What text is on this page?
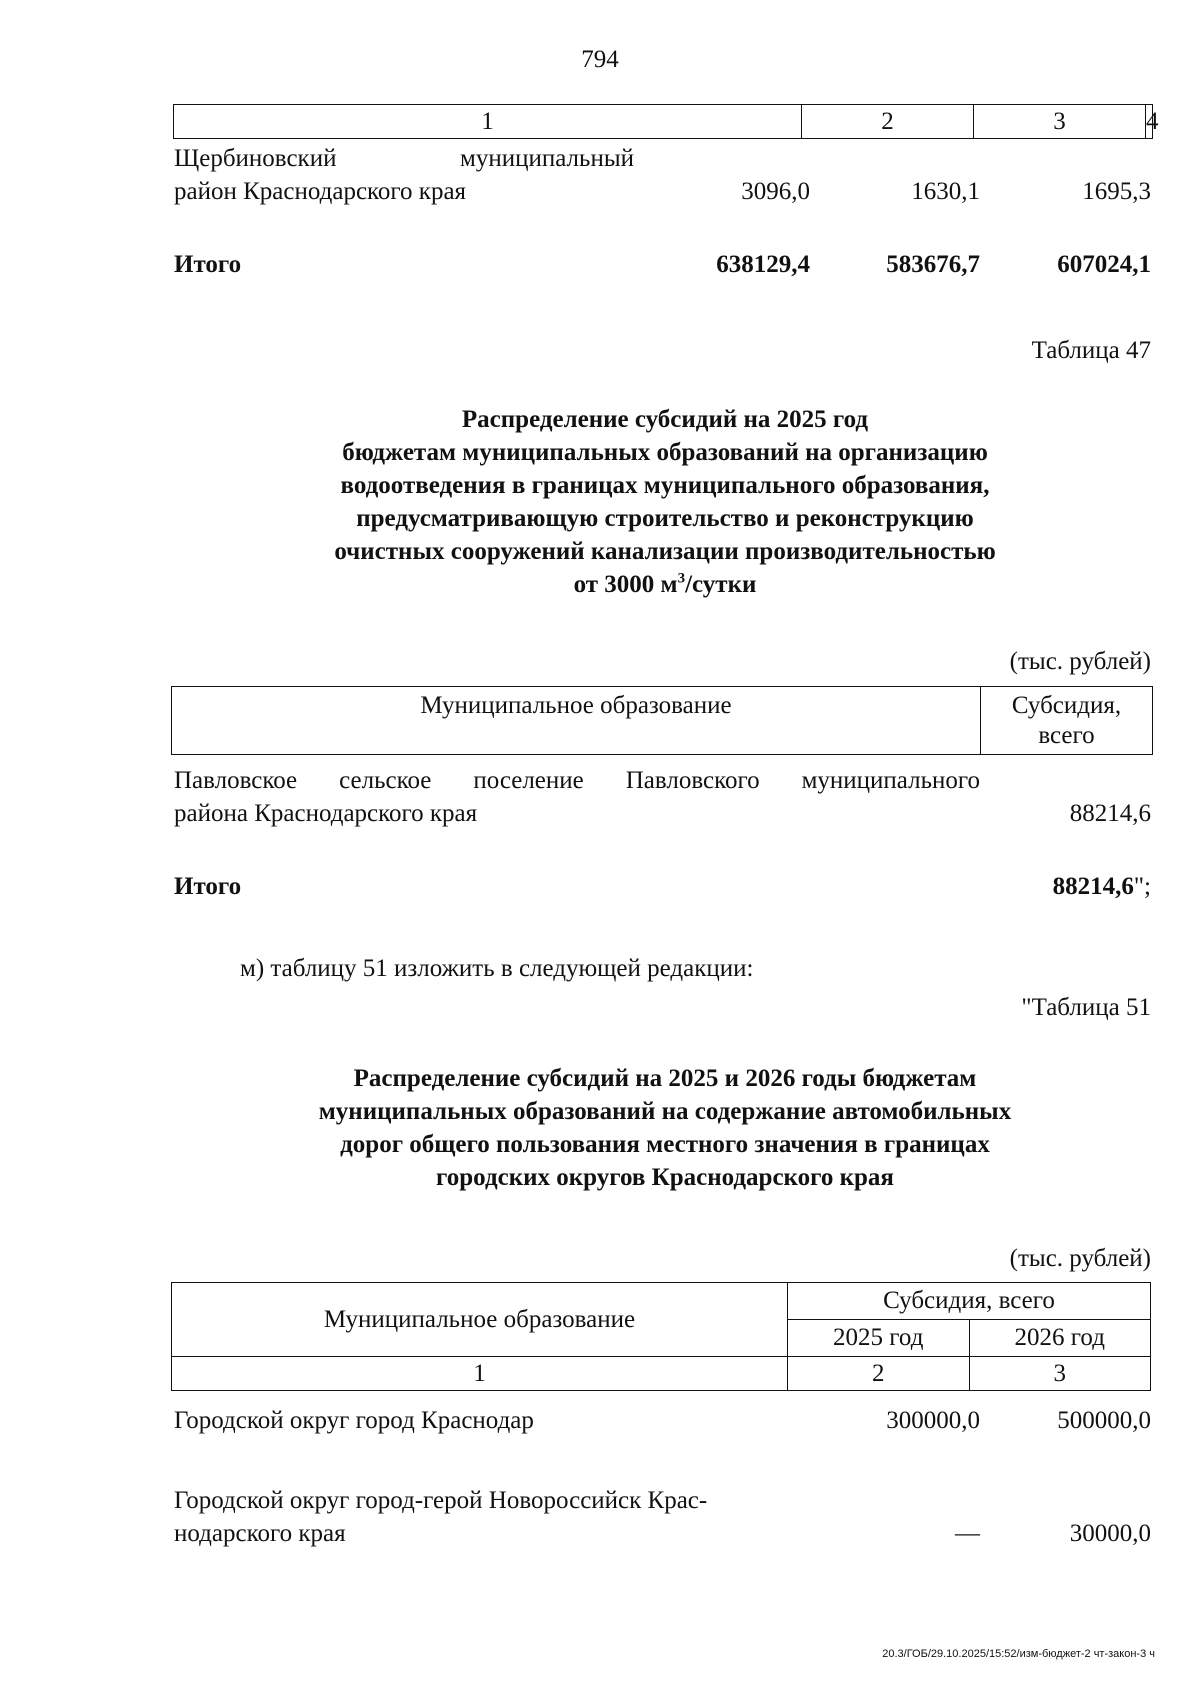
794
1	2	3	4
Щербиновский	муниципальный
район Краснодарского края	3096,0	1630,1	1695,3
Итого	638129,4	583676,7	607024,1
Таблица 47
Распределение субсидий на 2025 год
бюджетам муниципальных образований на организацию
водоотведения в границах муниципального образования,
предусматривающую строительство и реконструкцию
очистных сооружений канализации производительностью
от 3000 $м^3$/сутки
(тыс. рублей)
Муниципальное образование	Субсидия,
всего
Павловское сельское поселение Павловского муниципального
района Краснодарского края	88214,6
Итого	88214,6";
м) таблицу 51 изложить в следующей редакции:
"Таблица 51
Распределение субсидий на 2025 и 2026 годы бюджетам
муниципальных образований на содержание автомобильных
дорог общего пользования местного значения в границах
городских округов Краснодарского края
(тыс. рублей)
Муниципальное образование	Субсидия, всего	
	2025 год	2026 год
1	2	3
Городской округ город Краснодар	300000,0	500000,0
Городской округ город-герой Новороссийск Крас-
нодарского края	—	30000,0
20.3/ГОБ/29.10.2025/15:52/изм-бюджет-2 чт-закон-3 ч
